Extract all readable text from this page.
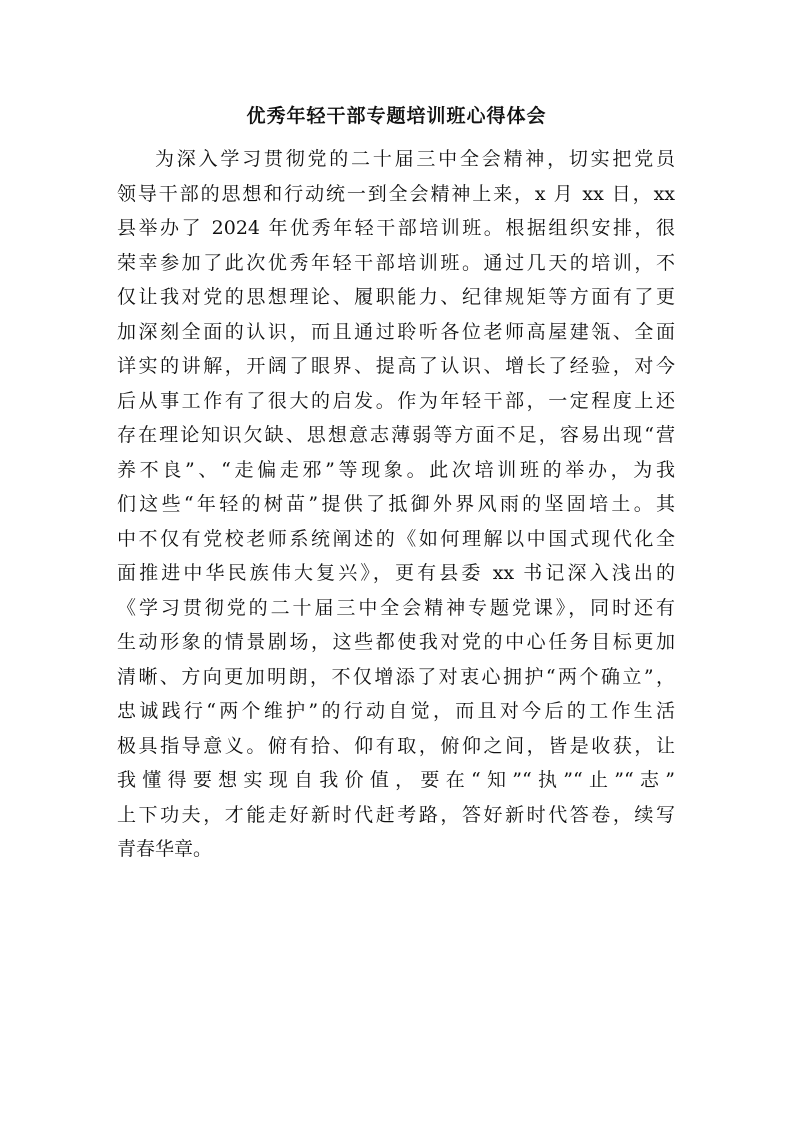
优秀年轻干部专题培训班心得体会
为深入学习贯彻党的二十届三中全会精神，切实把党员
领导干部的思想和行动统一到全会精神上来，x 月 xx 日，xx
县举办了 2024 年优秀年轻干部培训班。根据组织安排，很
荣幸参加了此次优秀年轻干部培训班。通过几天的培训，不
仅让我对党的思想理论、履职能力、纪律规矩等方面有了更
加深刻全面的认识，而且通过聆听各位老师高屋建瓴、全面
详实的讲解，开阔了眼界、提高了认识、增长了经验，对今
后从事工作有了很大的启发。作为年轻干部，一定程度上还
存在理论知识欠缺、思想意志薄弱等方面不足，容易出现“营
养不良”、“走偏走邪”等现象。此次培训班的举办，为我
们这些“年轻的树苗”提供了抵御外界风雨的坚固培土。其
中不仅有党校老师系统阐述的《如何理解以中国式现代化全
面推进中华民族伟大复兴》，更有县委 xx 书记深入浅出的
《学习贯彻党的二十届三中全会精神专题党课》，同时还有
生动形象的情景剧场，这些都使我对党的中心任务目标更加
清晰、方向更加明朗，不仅增添了对衷心拥护“两个确立”，
忠诚践行“两个维护”的行动自觉，而且对今后的工作生活
极具指导意义。俯有拾、仰有取，俯仰之间，皆是收获，让
我懂得要想实现自我价值，要在“知”“执”“止”“志”
上下功夫，才能走好新时代赶考路，答好新时代答卷，续写
青春华章。
